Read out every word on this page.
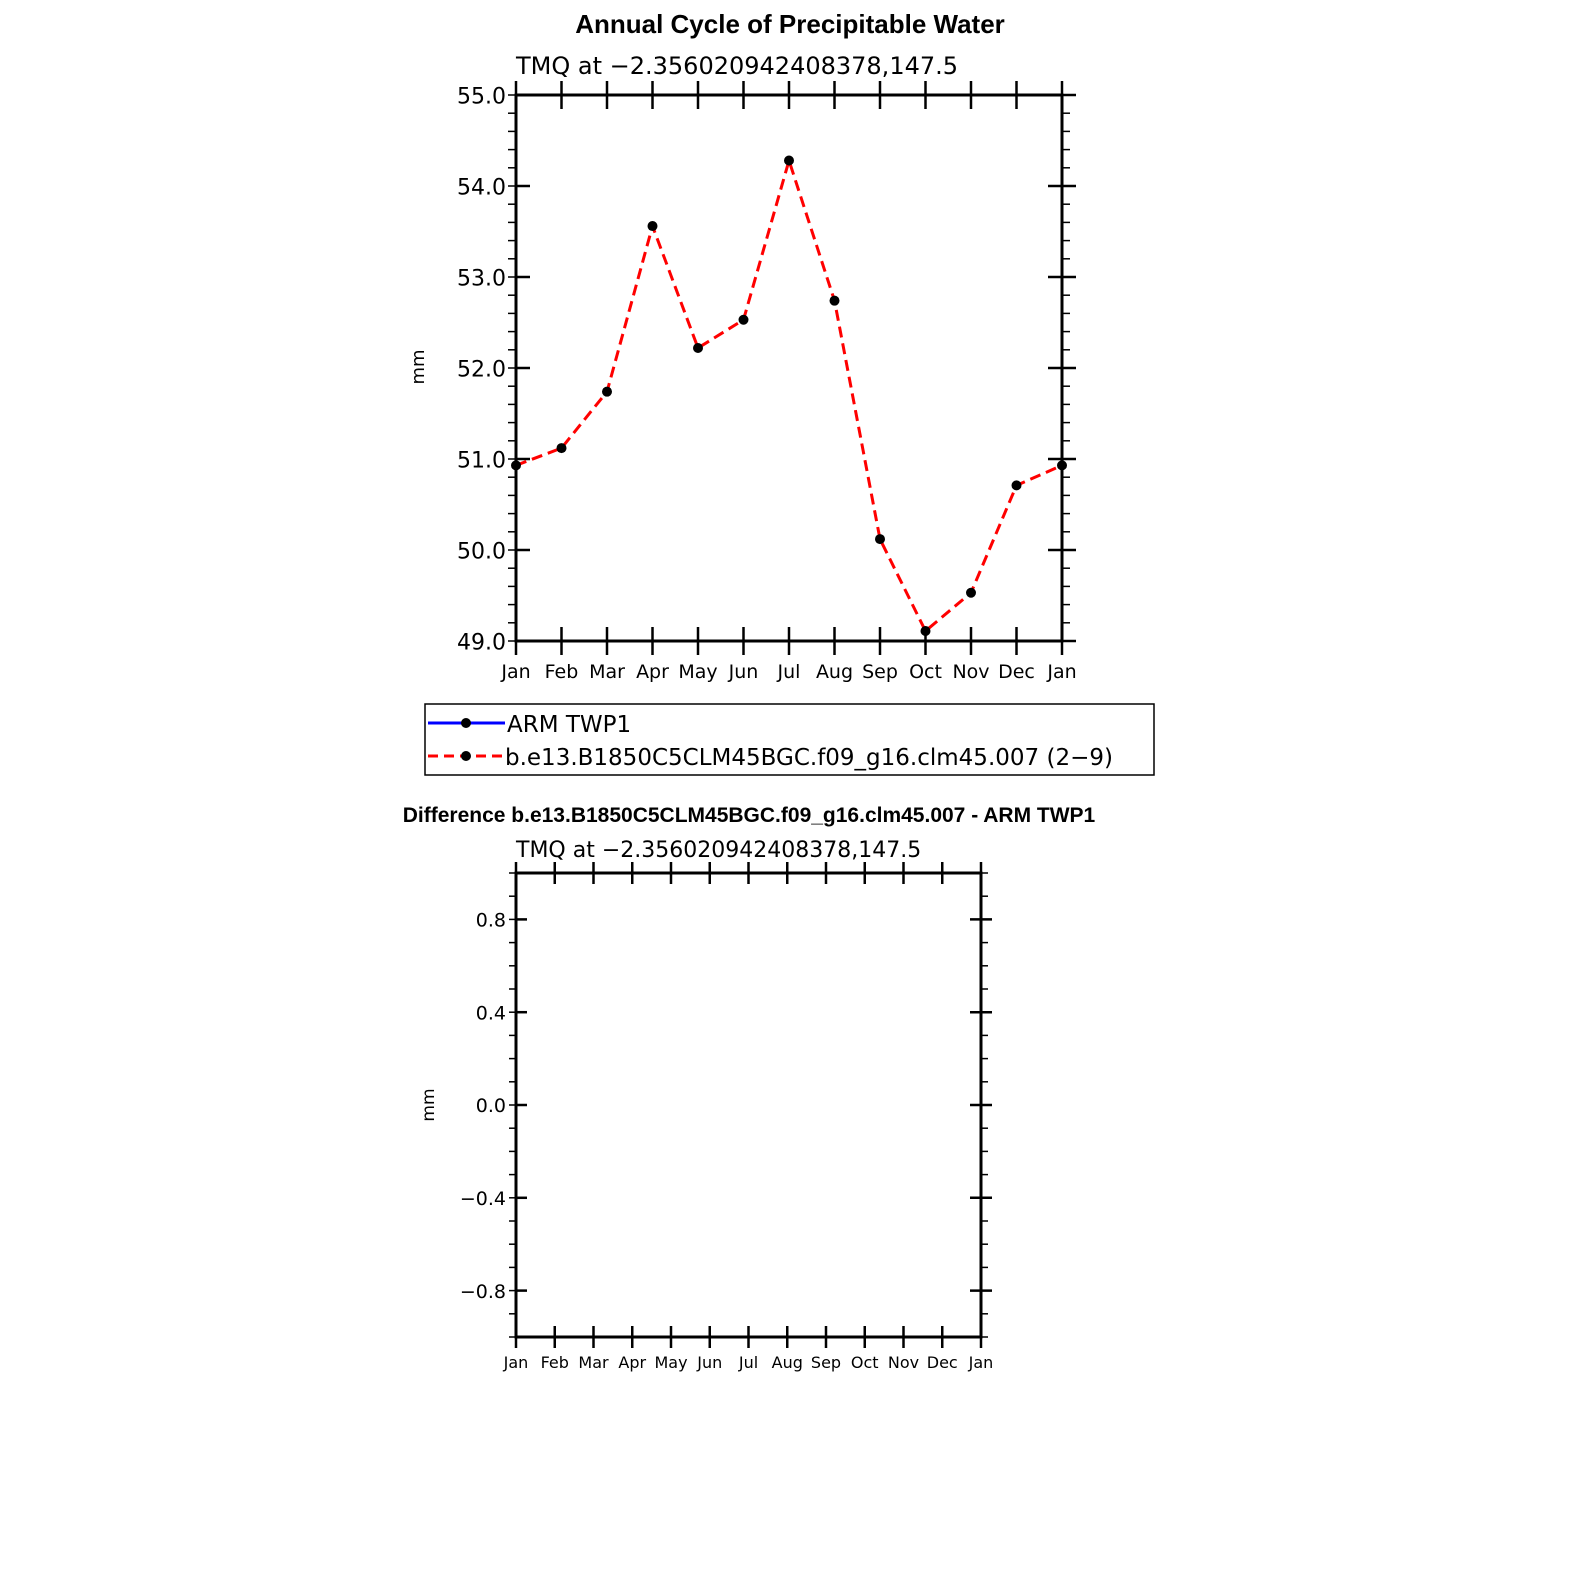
Annual Cycle of Precipitable Water
TMQ at −2.356020942408378,147.5
mm
49.0
50.0
51.0
52.0
53.0
54.0
55.0
Jan Feb Mar Apr May Jun Jul Aug Sep Oct Nov Dec Jan
ARM TWP1
b.e13.B1850C5CLM45BGC.f09_g16.clm45.007 (2−9)
Difference b.e13.B1850C5CLM45BGC.f09_g16.clm45.007 - ARM TWP1
TMQ at −2.356020942408378,147.5
mm
−0.8
−0.4
0.0
0.4
0.8
Jan Feb Mar Apr May Jun Jul Aug Sep Oct Nov Dec Jan
